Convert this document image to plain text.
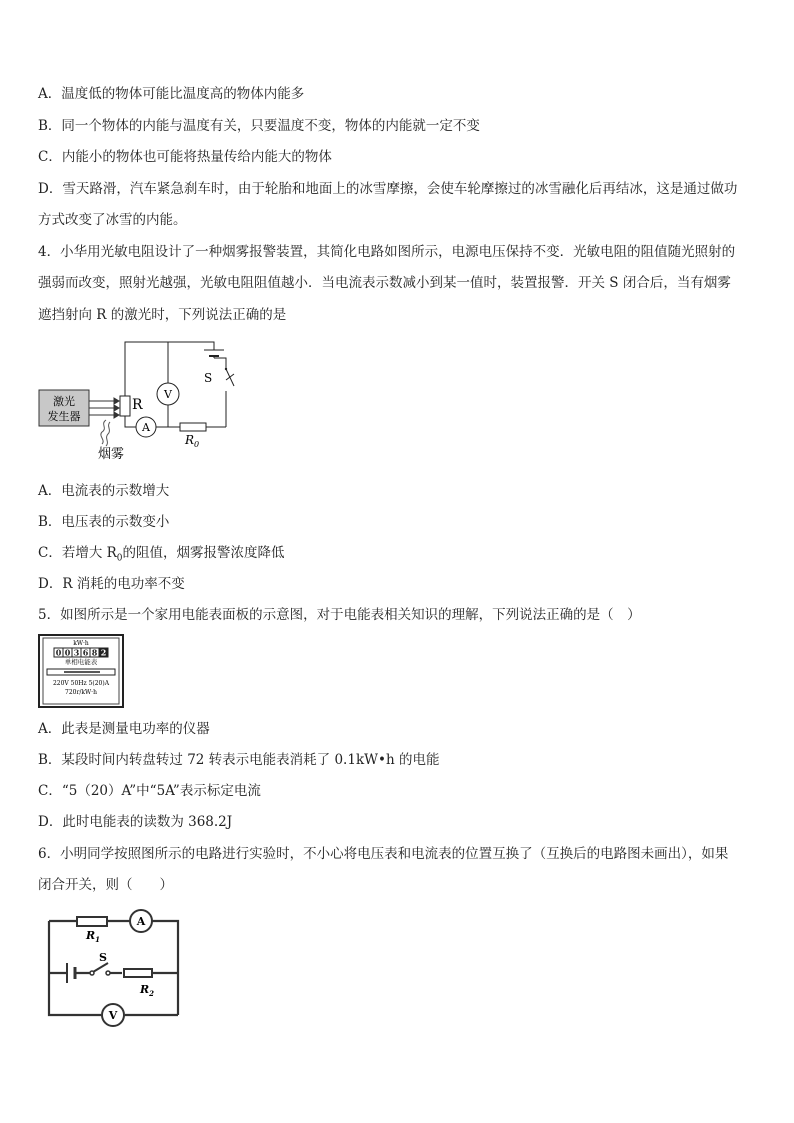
A．温度低的物体可能比温度高的物体内能多
B．同一个物体的内能与温度有关，只要温度不变，物体的内能就一定不变
C．内能小的物体也可能将热量传给内能大的物体
D．雪天路滑，汽车紧急刹车时，由于轮胎和地面上的冰雪摩擦，会使车轮摩擦过的冰雪融化后再结冰，这是通过做功
方式改变了冰雪的内能。
4．小华用光敏电阻设计了一种烟雾报警装置，其简化电路如图所示，电源电压保持不变．光敏电阻的阻值随光照射的
强弱而改变，照射光越强，光敏电阻阻值越小．当电流表示数减小到某一值时，装置报警．开关 S 闭合后，当有烟雾
遮挡射向 R 的激光时，下列说法正确的是
激光
发生器
S
R
V
A
$R_0$
烟雾
A．电流表的示数增大
B．电压表的示数变小
C．若增大 $R_0$的阻值，烟雾报警浓度降低
D．R 消耗的电功率不变
5．如图所示是一个家用电能表面板的示意图，对于电能表相关知识的理解，下列说法正确的是（　）
kW·h
0 0 3 6 8 2
单相电能表
220V 50Hz 5(20)A
720r/kW·h
A．此表是测量电功率的仪器
B．某段时间内转盘转过 72 转表示电能表消耗了 0.1kW•h 的电能
C．“5（20）A”中“5A”表示标定电流
D．此时电能表的读数为 368.2J
6．小明同学按照图所示的电路进行实验时，不小心将电压表和电流表的位置互换了（互换后的电路图未画出），如果
闭合开关，则（　　）
$R_1$
A
S
$R_2$
V
